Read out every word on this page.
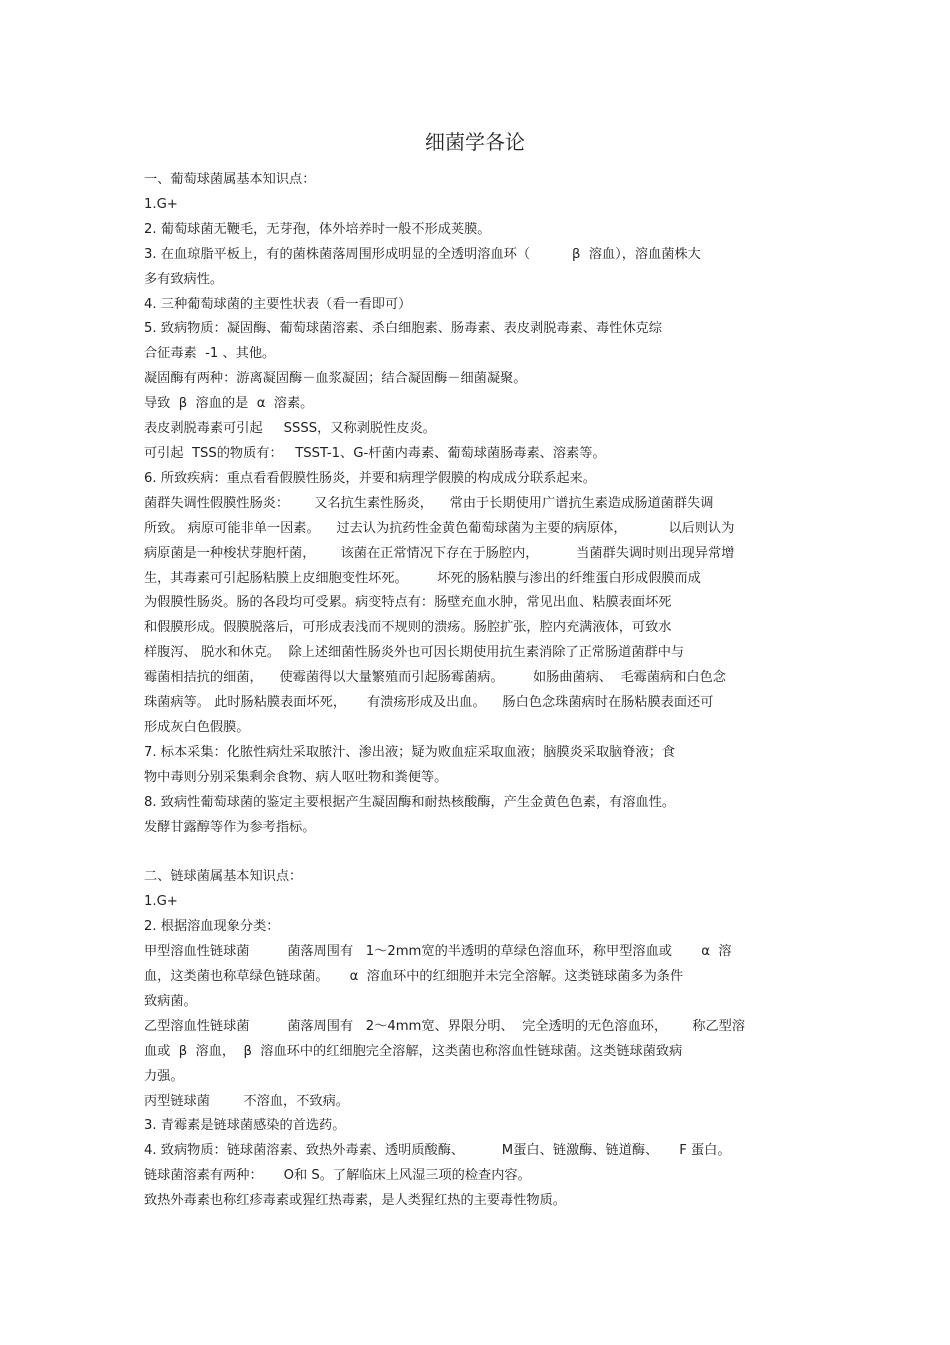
细菌学各论
一、葡萄球菌属基本知识点：
1.G+
2. 葡萄球菌无鞭毛，无芽孢，体外培养时一般不形成荚膜。
3. 在血琼脂平板上，有的菌株菌落周围形成明显的全透明溶血环（          β  溶血），溶血菌株大
多有致病性。
4. 三种葡萄球菌的主要性状表（看一看即可）
5. 致病物质：凝固酶、葡萄球菌溶素、杀白细胞素、肠毒素、表皮剥脱毒素、毒性休克综
合征毒素  -1 、其他。
凝固酶有两种：游离凝固酶－血浆凝固；结合凝固酶－细菌凝聚。
导致  β  溶血的是  α  溶素。
表皮剥脱毒素可引起     SSSS，又称剥脱性皮炎。
可引起  TSS的物质有：   TSST-1、G-杆菌内毒素、葡萄球菌肠毒素、溶素等。
6. 所致疾病：重点看看假膜性肠炎，并要和病理学假膜的构成成分联系起来。
菌群失调性假膜性肠炎：      又名抗生素性肠炎，    常由于长期使用广谱抗生素造成肠道菌群失调
所致。 病原可能非单一因素。    过去认为抗药性金黄色葡萄球菌为主要的病原体，          以后则认为
病原菌是一种梭状芽胞杆菌，      该菌在正常情况下存在于肠腔内，         当菌群失调时则出现异常增
生，其毒素可引起肠粘膜上皮细胞变性坏死。       坏死的肠粘膜与渗出的纤维蛋白形成假膜而成
为假膜性肠炎。肠的各段均可受累。病变特点有：肠壁充血水肿，常见出血、粘膜表面坏死
和假膜形成。假膜脱落后，可形成表浅而不规则的溃疡。肠腔扩张，腔内充满液体，可致水
样腹泻、 脱水和休克。  除上述细菌性肠炎外也可因长期使用抗生素消除了正常肠道菌群中与
霉菌相拮抗的细菌，    使霉菌得以大量繁殖而引起肠霉菌病。       如肠曲菌病、  毛霉菌病和白色念
珠菌病等。 此时肠粘膜表面坏死，     有溃疡形成及出血。    肠白色念珠菌病时在肠粘膜表面还可
形成灰白色假膜。
7. 标本采集：化脓性病灶采取脓汁、渗出液；疑为败血症采取血液；脑膜炎采取脑脊液；食
物中毒则分别采集剩余食物、病人呕吐物和粪便等。
8. 致病性葡萄球菌的鉴定主要根据产生凝固酶和耐热核酸酶，产生金黄色色素，有溶血性。
发酵甘露醇等作为参考指标。
二、链球菌属基本知识点：
1.G+
2. 根据溶血现象分类：
甲型溶血性链球菌         菌落周围有   1～2mm宽的半透明的草绿色溶血环，称甲型溶血或       α  溶
血，这类菌也称草绿色链球菌。     α  溶血环中的红细胞并未完全溶解。这类链球菌多为条件
致病菌。
乙型溶血性链球菌         菌落周围有   2～4mm宽、界限分明、  完全透明的无色溶血环，      称乙型溶
血或  β  溶血，  β  溶血环中的红细胞完全溶解，这类菌也称溶血性链球菌。这类链球菌致病
力强。
丙型链球菌        不溶血，不致病。
3. 青霉素是链球菌感染的首选药。
4. 致病物质：链球菌溶素、致热外毒素、透明质酸酶、         M蛋白、链激酶、链道酶、     F 蛋白。
链球菌溶素有两种：     O和 S。了解临床上风湿三项的检查内容。
致热外毒素也称红疹毒素或猩红热毒素，是人类猩红热的主要毒性物质。
